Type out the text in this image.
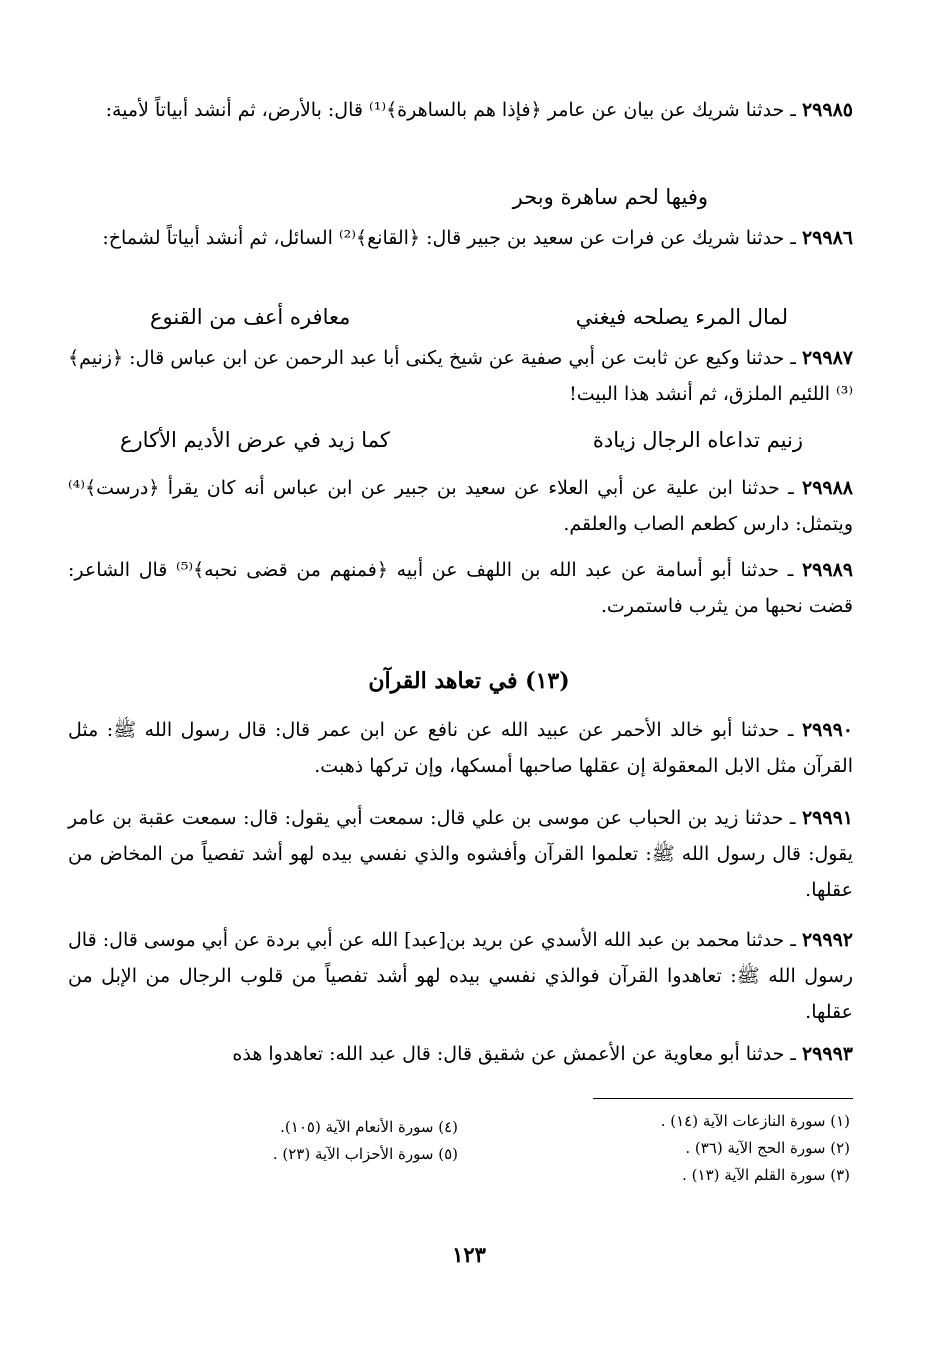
٢٩٩٨٥ ـ حدثنا شريك عن بيان عن عامر ﴿فإذا هم بالساهرة﴾⁽¹⁾ قال: بالأرض، ثم أنشد أبياتاً لأمية:

وفيها لحم ساهرة وبحر

٢٩٩٨٦ ـ حدثنا شريك عن فرات عن سعيد بن جبير قال: ﴿القانع﴾⁽²⁾ السائل، ثم أنشد أبياتاً لشماخ:

لمال المرء يصلحه فيغني
معافره أعف من القنوع

٢٩٩٨٧ ـ حدثنا وكيع عن ثابت عن أبي صفية عن شيخ يكنى أبا عبد الرحمن عن ابن عباس قال: ﴿زنيم﴾⁽³⁾ اللئيم الملزق، ثم أنشد هذا البيت!

زنيم تداعاه الرجال زيادة
كما زيد في عرض الأديم الأكارع

٢٩٩٨٨ ـ حدثنا ابن علية عن أبي العلاء عن سعيد بن جبير عن ابن عباس أنه كان يقرأ ﴿درست﴾⁽⁴⁾ ويتمثل: دارس كطعم الصاب والعلقم.

٢٩٩٨٩ ـ حدثنا أبو أسامة عن عبد الله بن اللهف عن أبيه ﴿فمنهم من قضى نحبه﴾⁽⁵⁾ قال الشاعر: قضت نحبها من يثرب فاستمرت.

(١٣) في تعاهد القرآن

٢٩٩٩٠ ـ حدثنا أبو خالد الأحمر عن عبيد الله عن نافع عن ابن عمر قال: قال رسول الله ﷺ: مثل القرآن مثل الابل المعقولة إن عقلها صاحبها أمسكها، وإن تركها ذهبت.

٢٩٩٩١ ـ حدثنا زيد بن الحباب عن موسى بن علي قال: سمعت أبي يقول: قال: سمعت عقبة بن عامر يقول: قال رسول الله ﷺ: تعلموا القرآن وأفشوه والذي نفسي بيده لهو أشد تفصياً من المخاض من عقلها.

٢٩٩٩٢ ـ حدثنا محمد بن عبد الله الأسدي عن بريد بن[عبد] الله عن أبي بردة عن أبي موسى قال: قال رسول الله ﷺ: تعاهدوا القرآن فوالذي نفسي بيده لهو أشد تفصياً من قلوب الرجال من الإبل من عقلها.

٢٩٩٩٣ ـ حدثنا أبو معاوية عن الأعمش عن شقيق قال: قال عبد الله: تعاهدوا هذه

(١) سورة النازعات الآية (١٤) .
(٢) سورة الحج الآية (٣٦) .
(٣) سورة القلم الآية (١٣) .
(٤) سورة الأنعام الآية (١٠٥).
(٥) سورة الأحزاب الآية (٢٣) .
١٢٣
